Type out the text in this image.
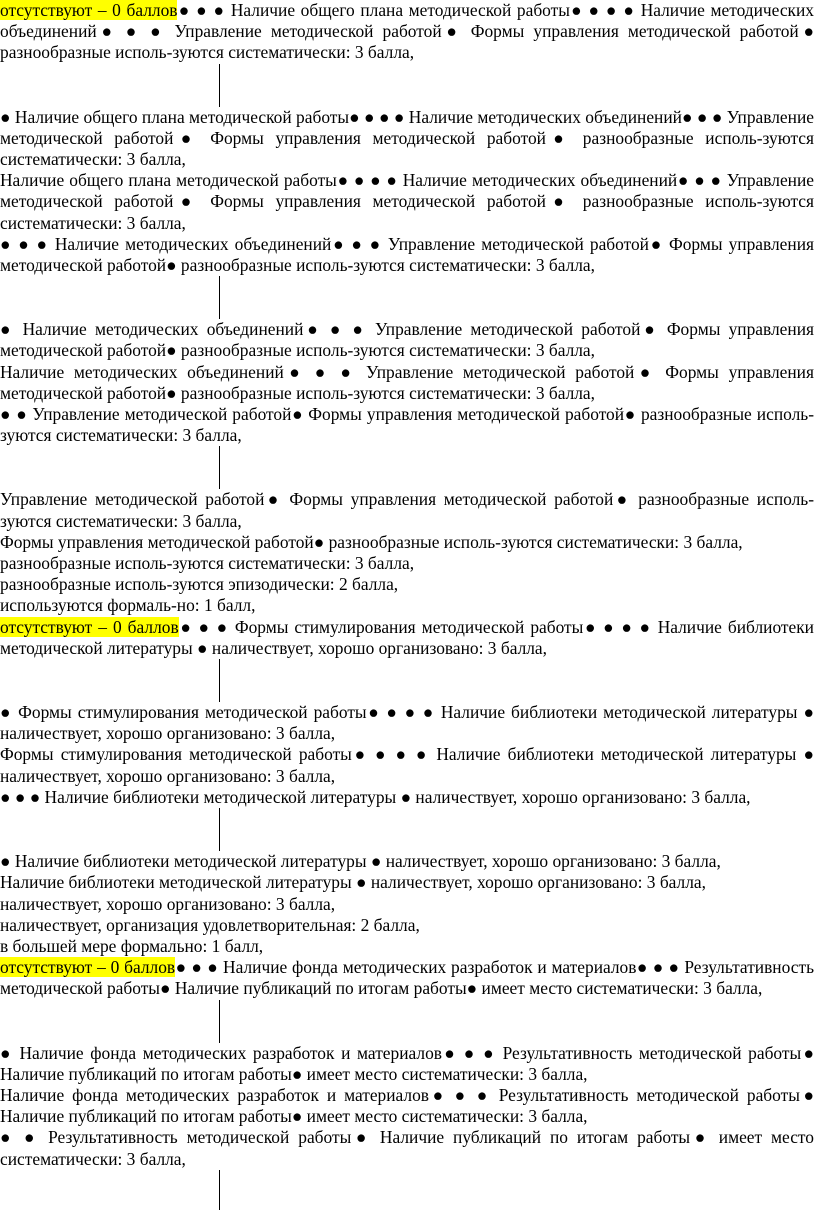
отсутствуют – 0 баллов● ● ● Наличие общего плана методической работы● ● ● ● Наличие методических объединений● ● ● Управление методической работой● Формы управления методической работой● разнообразные исполь-зуются систематически: 3 балла,

● Наличие общего плана методической работы● ● ● ● Наличие методических объединений● ● ● Управление методической работой● Формы управления методической работой● разнообразные исполь-зуются систематически: 3 балла,

Наличие общего плана методической работы● ● ● ● Наличие методических объединений● ● ● Управление методической работой● Формы управления методической работой● разнообразные исполь-зуются систематически: 3 балла,

● ● ● Наличие методических объединений● ● ● Управление методической работой● Формы управления методической работой● разнообразные исполь-зуются систематически: 3 балла,

● Наличие методических объединений● ● ● Управление методической работой● Формы управления методической работой● разнообразные исполь-зуются систематически: 3 балла,

Наличие методических объединений● ● ● Управление методической работой● Формы управления методической работой● разнообразные исполь-зуются систематически: 3 балла,

● ● Управление методической работой● Формы управления методической работой● разнообразные исполь-зуются систематически: 3 балла,

Управление методической работой● Формы управления методической работой● разнообразные исполь-зуются систематически: 3 балла,

Формы управления методической работой● разнообразные исполь-зуются систематически: 3 балла,

разнообразные исполь-зуются систематически: 3 балла,

разнообразные исполь-зуются эпизодически: 2 балла,

используются формаль-но: 1 балл,

отсутствуют – 0 баллов● ● ● Формы стимулирования методической работы● ● ● ● Наличие библиотеки методической литературы ● наличествует, хорошо организовано: 3 балла,

● Формы стимулирования методической работы● ● ● ● Наличие библиотеки методической литературы ● наличествует, хорошо организовано: 3 балла,

Формы стимулирования методической работы● ● ● ● Наличие библиотеки методической литературы ● наличествует, хорошо организовано: 3 балла,

● ● ● Наличие библиотеки методической литературы ● наличествует, хорошо организовано: 3 балла,

● Наличие библиотеки методической литературы ● наличествует, хорошо организовано: 3 балла,

Наличие библиотеки методической литературы ● наличествует, хорошо организовано: 3 балла,

наличествует, хорошо организовано: 3 балла,

наличествует, организация удовлетворительная: 2 балла,

в большей мере формально: 1 балл,

отсутствуют – 0 баллов● ● ● Наличие фонда методических разработок и материалов● ● ● Результативность методической работы● Наличие публикаций по итогам работы● имеет место систематически: 3 балла,

● Наличие фонда методических разработок и материалов● ● ● Результативность методической работы● Наличие публикаций по итогам работы● имеет место систематически: 3 балла,

Наличие фонда методических разработок и материалов● ● ● Результативность методической работы● Наличие публикаций по итогам работы● имеет место систематически: 3 балла,

● ● Результативность методической работы● Наличие публикаций по итогам работы● имеет место систематически: 3 балла,
